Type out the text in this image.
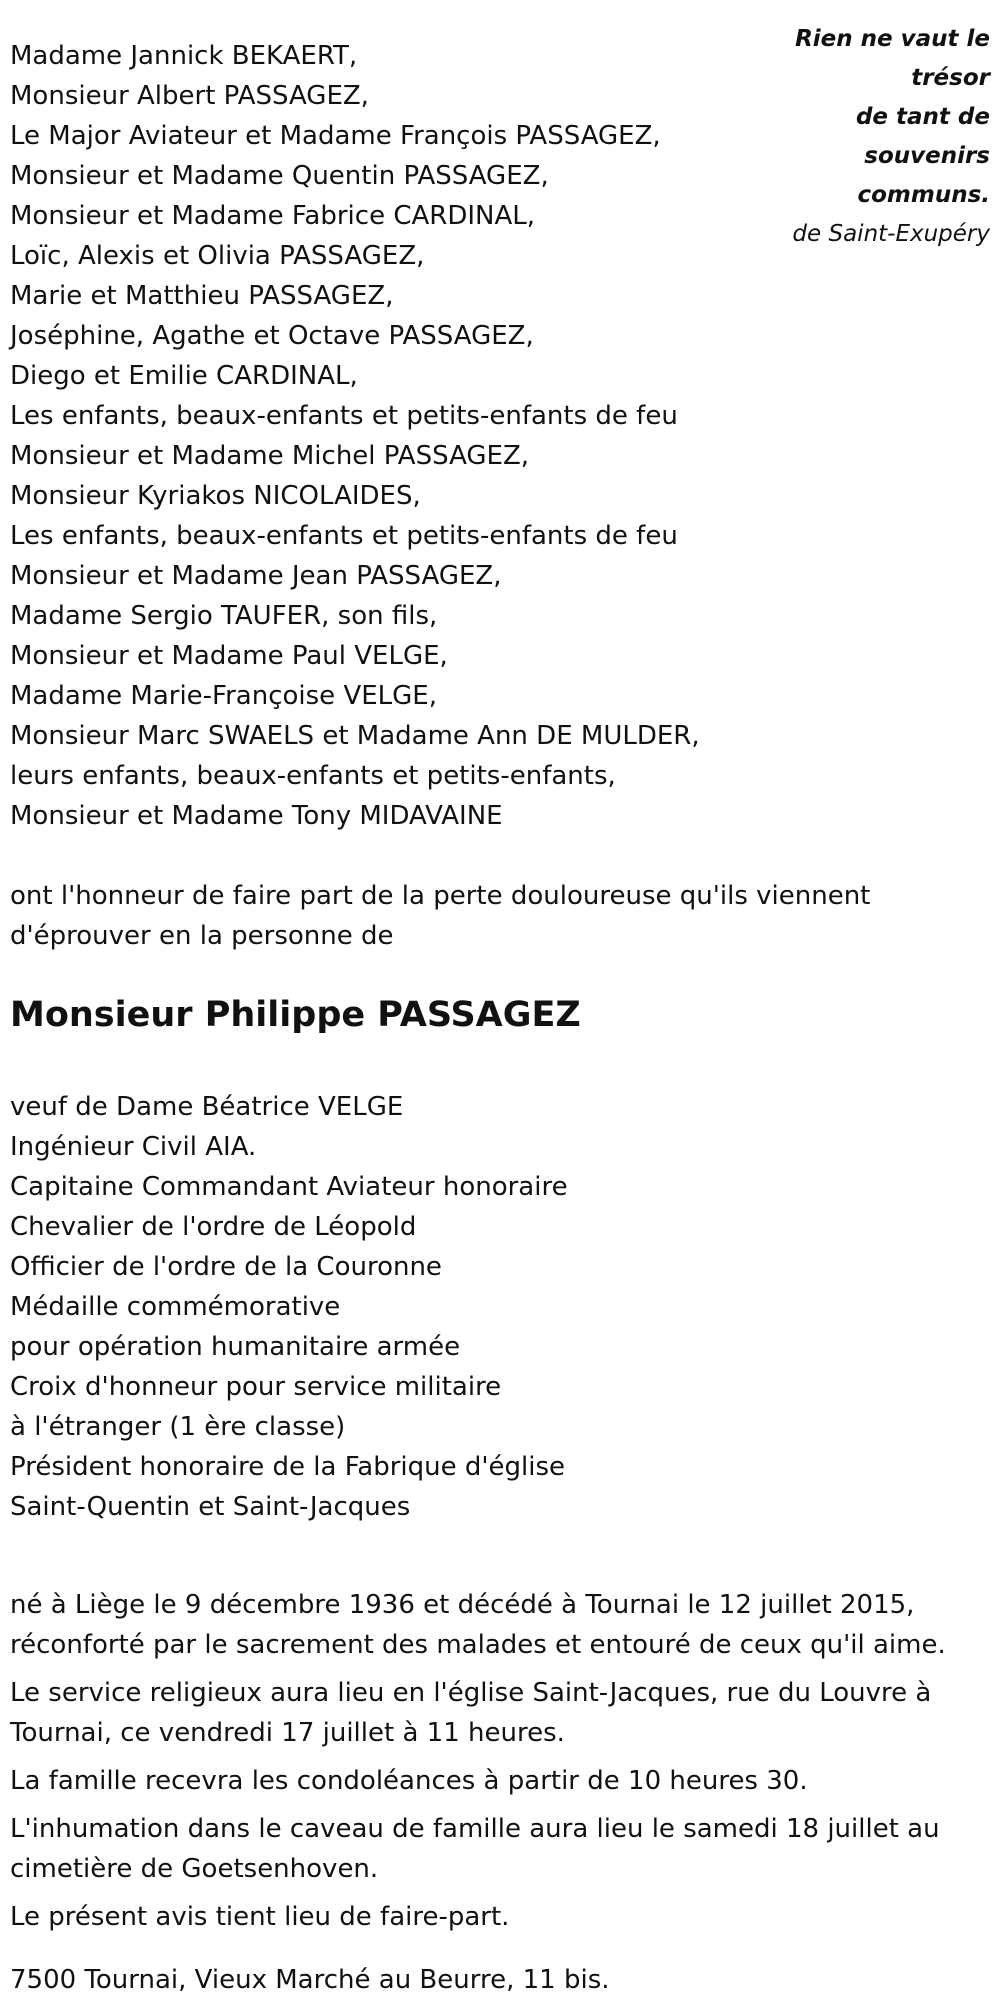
Rien ne vaut le
trésor
de tant de
souvenirs
communs.
de Saint-Exupéry
Madame Jannick BEKAERT,
Monsieur Albert PASSAGEZ,
Le Major Aviateur et Madame François PASSAGEZ,
Monsieur et Madame Quentin PASSAGEZ,
Monsieur et Madame Fabrice CARDINAL,
Loïc, Alexis et Olivia PASSAGEZ,
Marie et Matthieu PASSAGEZ,
Joséphine, Agathe et Octave PASSAGEZ,
Diego et Emilie CARDINAL,
Les enfants, beaux-enfants et petits-enfants de feu
Monsieur et Madame Michel PASSAGEZ,
Monsieur Kyriakos NICOLAIDES,
Les enfants, beaux-enfants et petits-enfants de feu
Monsieur et Madame Jean PASSAGEZ,
Madame Sergio TAUFER, son fils,
Monsieur et Madame Paul VELGE,
Madame Marie-Françoise VELGE,
Monsieur Marc SWAELS et Madame Ann DE MULDER,
leurs enfants, beaux-enfants et petits-enfants,
Monsieur et Madame Tony MIDAVAINE
ont l'honneur de faire part de la perte douloureuse qu'ils viennent
d'éprouver en la personne de
Monsieur Philippe PASSAGEZ
veuf de Dame Béatrice VELGE
Ingénieur Civil AIA.
Capitaine Commandant Aviateur honoraire
Chevalier de l'ordre de Léopold
Officier de l'ordre de la Couronne
Médaille commémorative
pour opération humanitaire armée
Croix d'honneur pour service militaire
à l'étranger (1 ère classe)
Président honoraire de la Fabrique d'église
Saint-Quentin et Saint-Jacques
né à Liège le 9 décembre 1936 et décédé à Tournai le 12 juillet 2015, réconforté par le sacrement des malades et entouré de ceux qu'il aime.
Le service religieux aura lieu en l'église Saint-Jacques, rue du Louvre à Tournai, ce vendredi 17 juillet à 11 heures.
La famille recevra les condoléances à partir de 10 heures 30.
L'inhumation dans le caveau de famille aura lieu le samedi 18 juillet au cimetière de Goetsenhoven.
Le présent avis tient lieu de faire-part.
7500 Tournai, Vieux Marché au Beurre, 11 bis.
